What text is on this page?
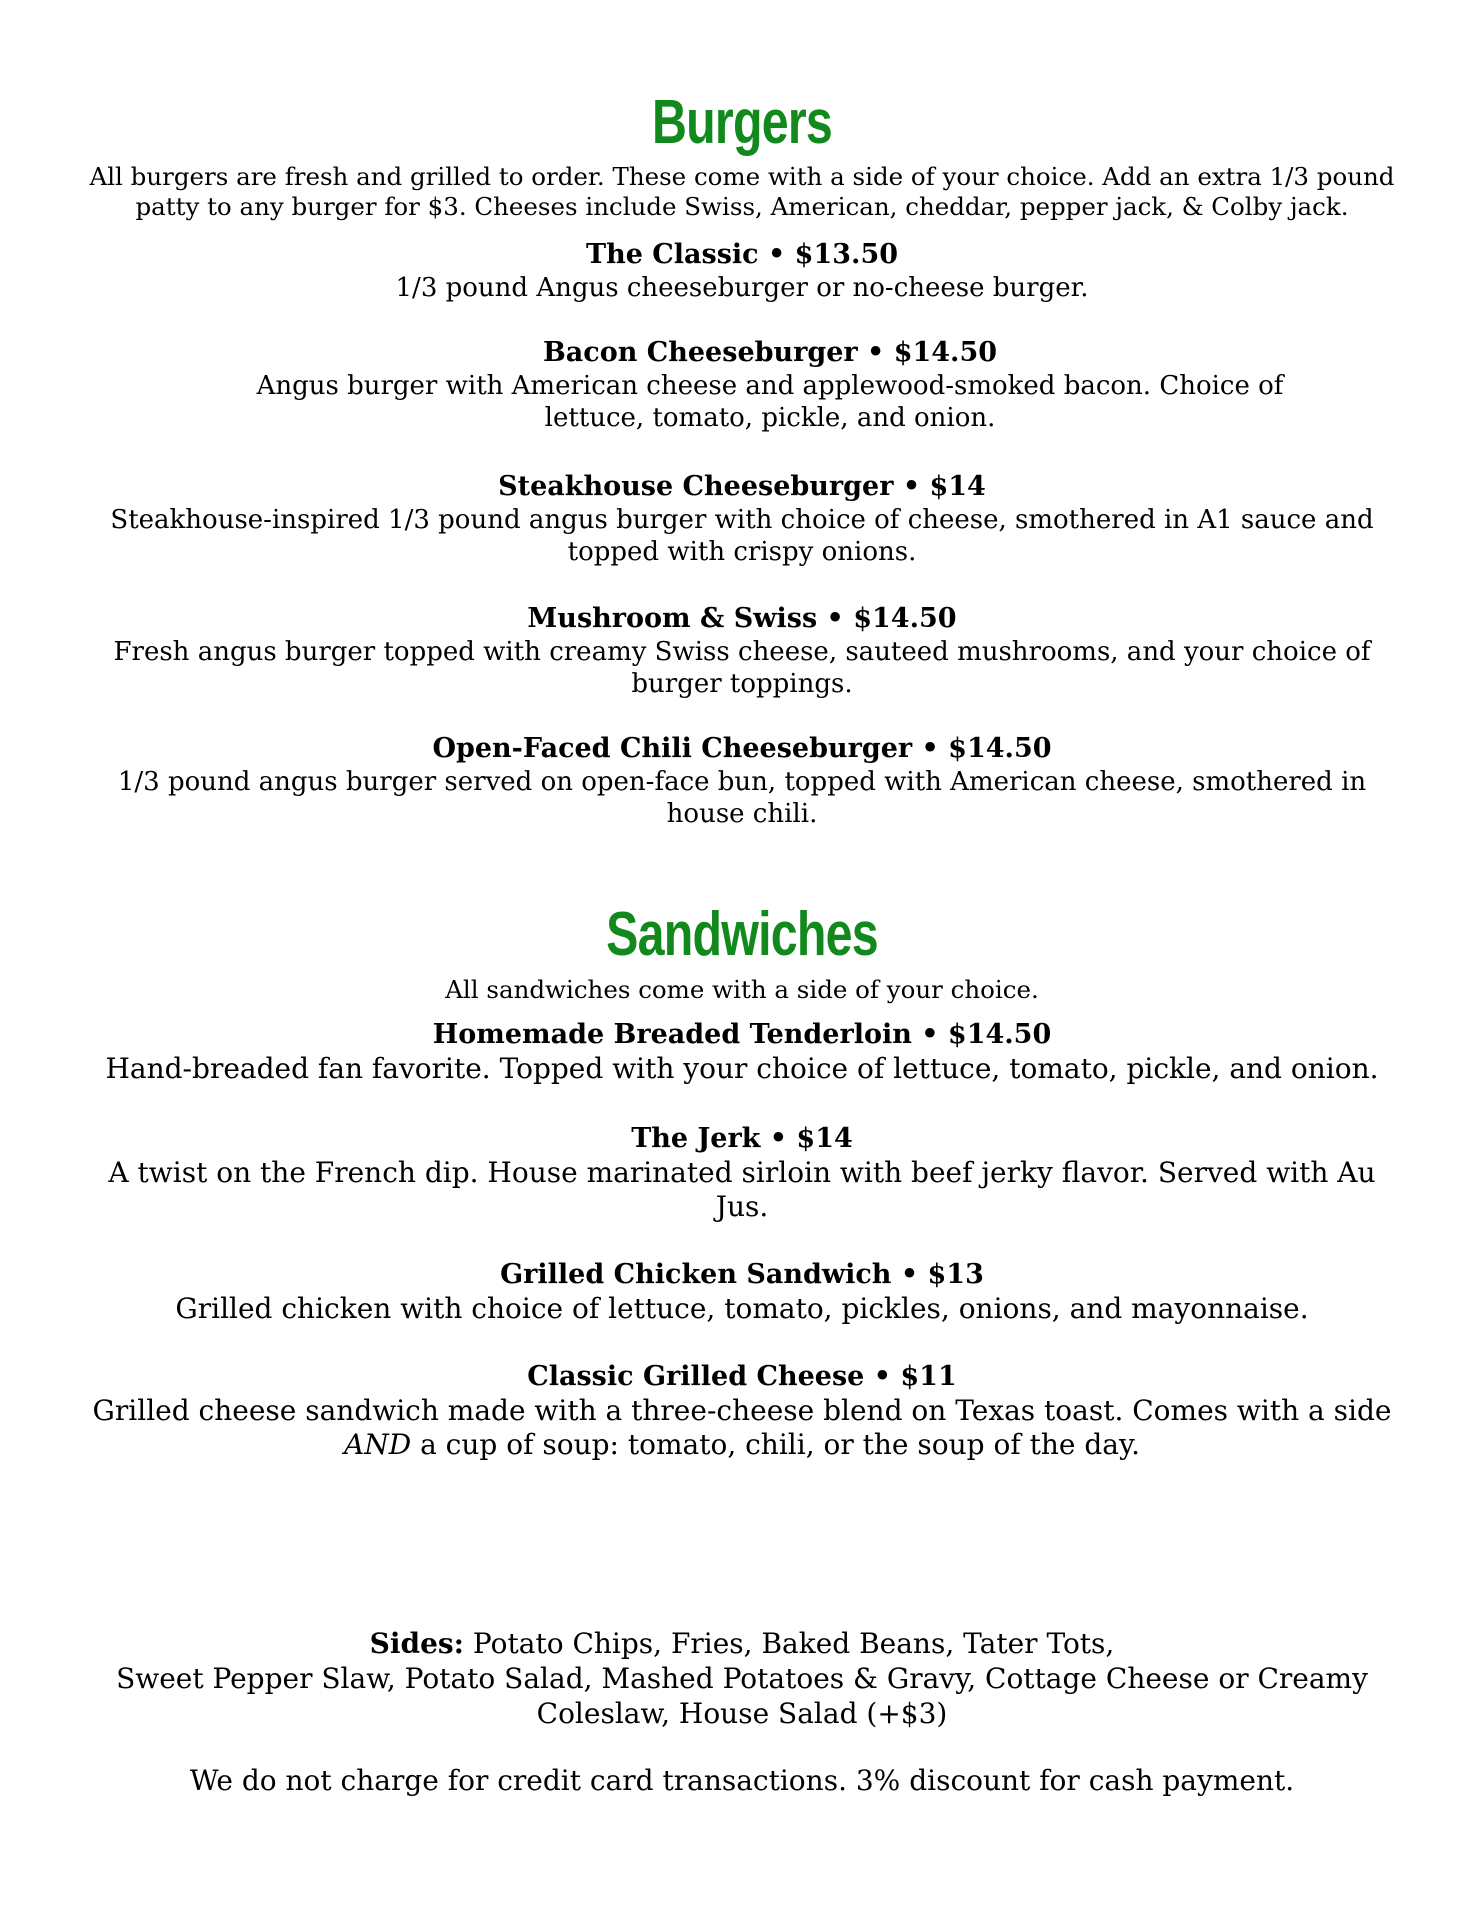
Burgers

All burgers are fresh and grilled to order. These come with a side of your choice. Add an extra 1/3 pound patty to any burger for $3. Cheeses include Swiss, American, cheddar, pepper jack, & Colby jack.

The Classic • $13.50

1/3 pound Angus cheeseburger or no-cheese burger.

Bacon Cheeseburger • $14.50

Angus burger with American cheese and applewood-smoked bacon. Choice of lettuce, tomato, pickle, and onion.

Steakhouse Cheeseburger • $14

Steakhouse-inspired 1/3 pound angus burger with choice of cheese, smothered in A1 sauce and topped with crispy onions.

Mushroom & Swiss • $14.50

Fresh angus burger topped with creamy Swiss cheese, sauteed mushrooms, and your choice of burger toppings.

Open-Faced Chili Cheeseburger • $14.50

1/3 pound angus burger served on open-face bun, topped with American cheese, smothered in house chili.

Sandwiches

All sandwiches come with a side of your choice.

Homemade Breaded Tenderloin • $14.50

Hand-breaded fan favorite. Topped with your choice of lettuce, tomato, pickle, and onion.

The Jerk • $14

A twist on the French dip. House marinated sirloin with beef jerky flavor. Served with Au Jus.

Grilled Chicken Sandwich • $13

Grilled chicken with choice of lettuce, tomato, pickles, onions, and mayonnaise.

Classic Grilled Cheese • $11

Grilled cheese sandwich made with a three-cheese blend on Texas toast. Comes with a side
AND a cup of soup: tomato, chili, or the soup of the day.

Sides: Potato Chips, Fries, Baked Beans, Tater Tots,
Sweet Pepper Slaw, Potato Salad, Mashed Potatoes & Gravy, Cottage Cheese or Creamy Coleslaw, House Salad (+$3)

We do not charge for credit card transactions. 3% discount for cash payment.
